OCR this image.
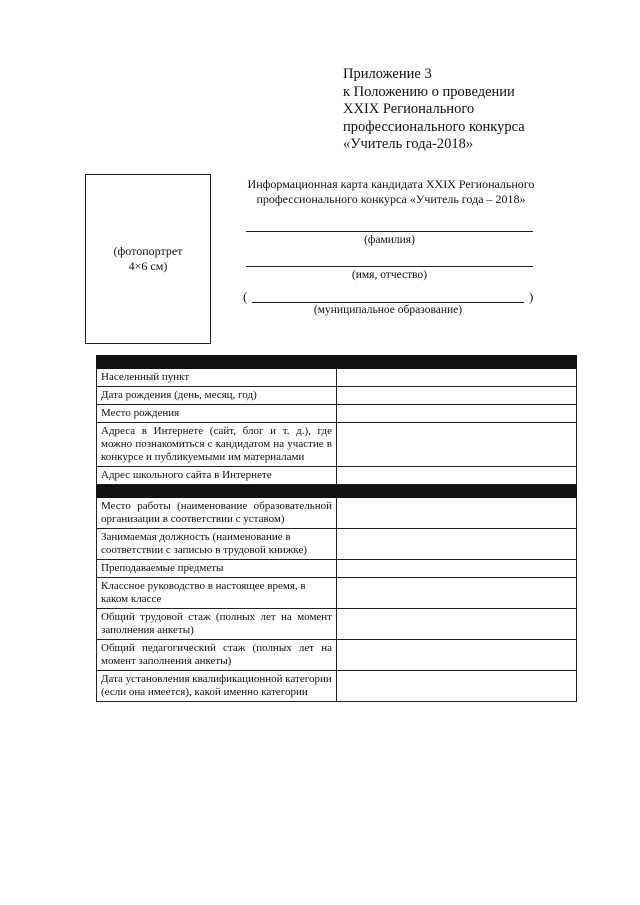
Приложение 3
к Положению о проведении
XXIX Регионального
профессионального конкурса
«Учитель года-2018»
(фотопортрет
4×6 см)
Информационная карта кандидата XXIX Регионального
профессионального конкурса «Учитель года – 2018»
(фамилия)
(имя, отчество)
(	)
(муниципальное образование)

Населенный пункт	
Дата рождения (день, месяц, год)	
Место рождения	
Адреса в Интернете (сайт, блог и т. д.), где можно познакомиться с кандидатом на участие в конкурсе и публикуемыми им материалами	
Адрес школьного сайта в Интернете	

Место работы (наименование образовательной организации в соответствии с уставом)	
Занимаемая должность (наименование в соответствии с записью в трудовой книжке)	
Преподаваемые предметы	
Классное руководство в настоящее время, в каком классе	
Общий трудовой стаж (полных лет на момент заполнения анкеты)	
Общий педагогический стаж (полных лет на момент заполнения анкеты)	
Дата установления квалификационной категории (если она имеется), какой именно категории	
